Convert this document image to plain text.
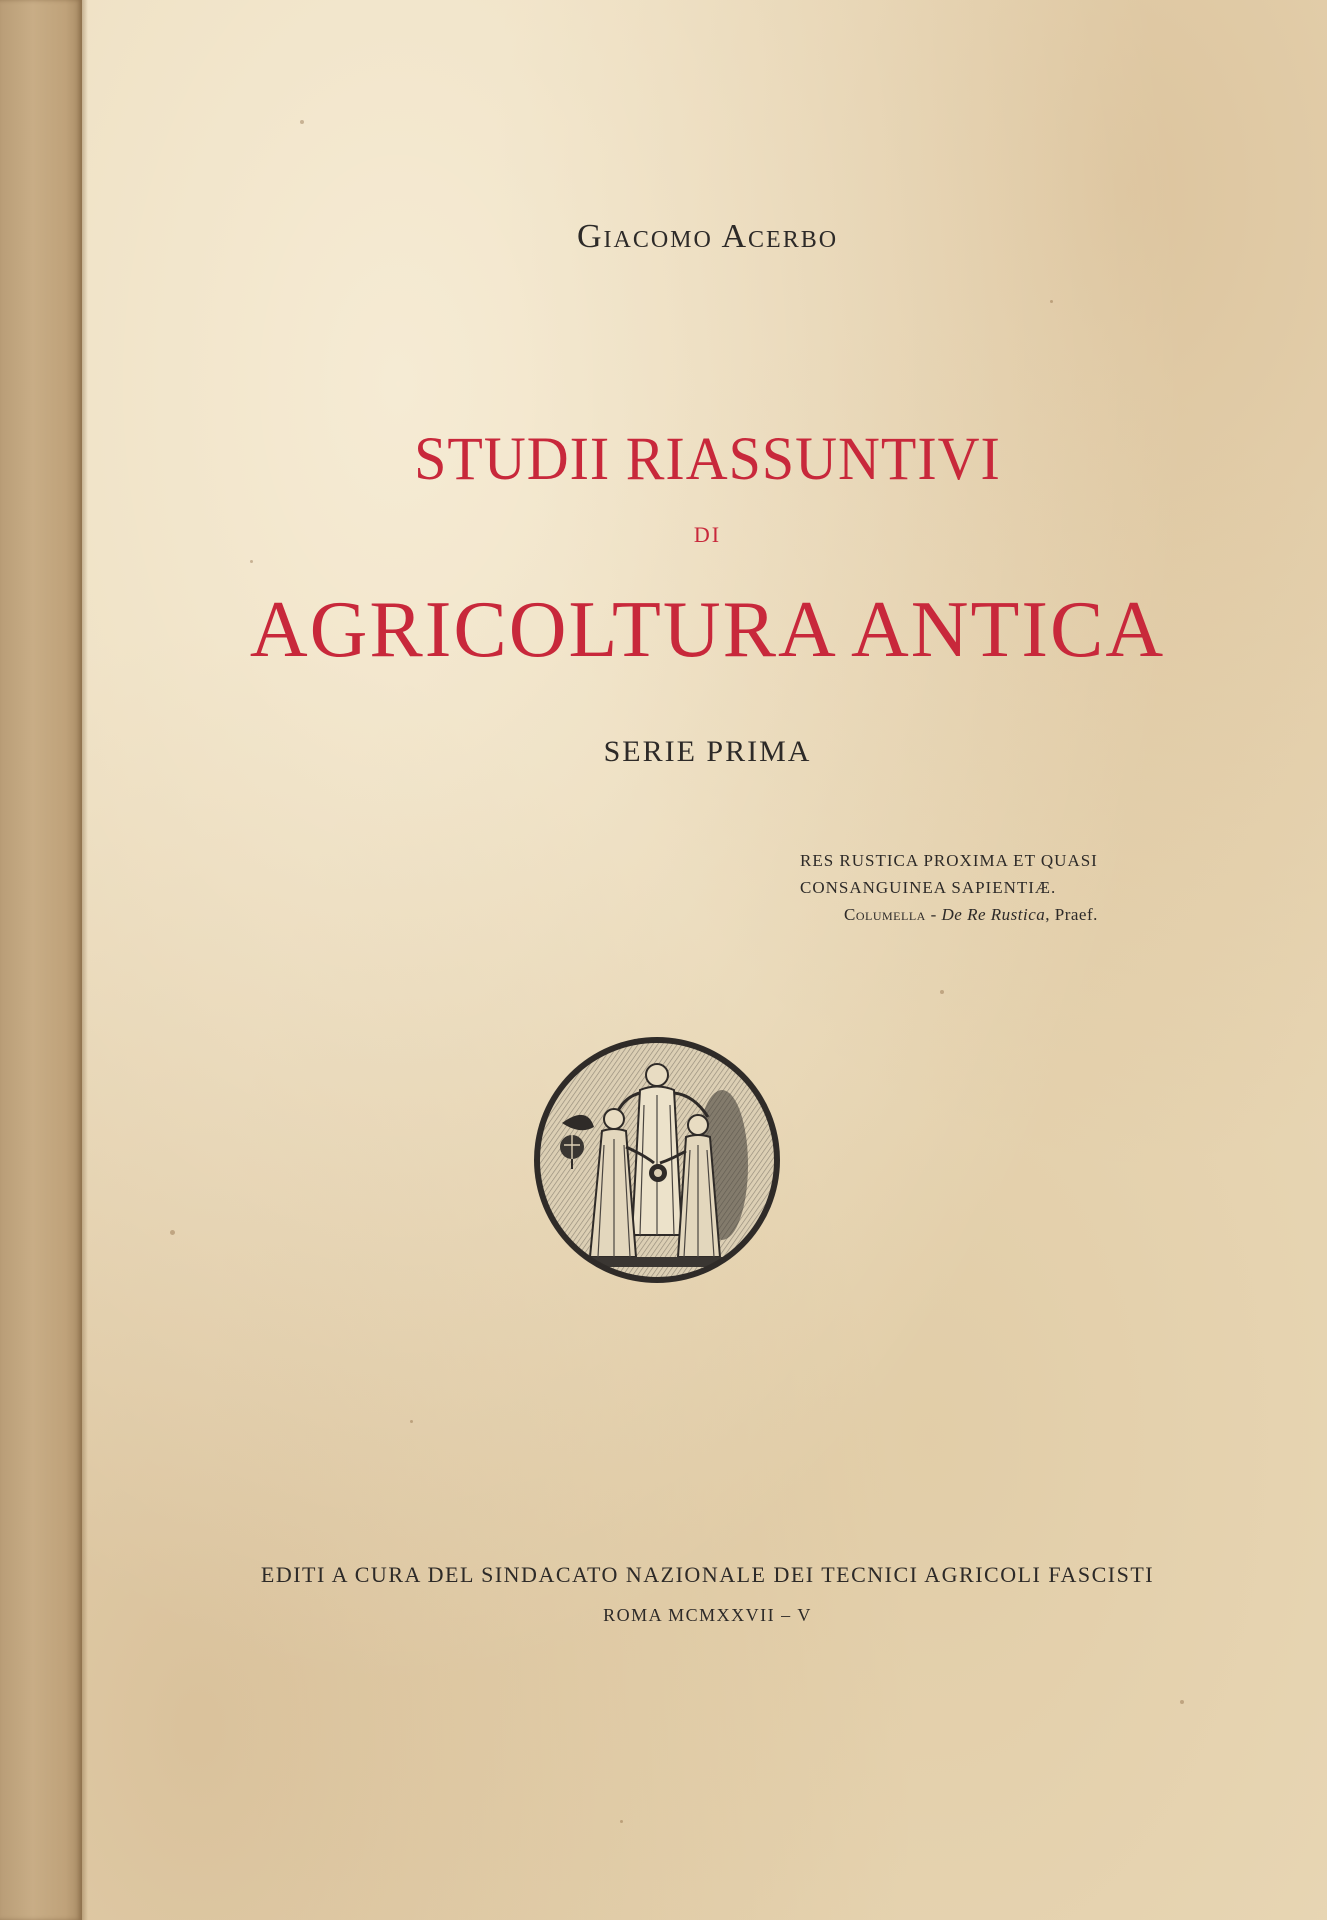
Giacomo Acerbo
STUDII RIASSUNTIVI
DI
AGRICOLTURA ANTICA
SERIE PRIMA
RES RUSTICA PROXIMA ET QUASI
CONSANGUINEA SAPIENTIÆ.
Columella - De Re Rustica, Praef.
EDITI A CURA DEL SINDACATO NAZIONALE DEI TECNICI AGRICOLI FASCISTI
ROMA MCMXXVII – V
